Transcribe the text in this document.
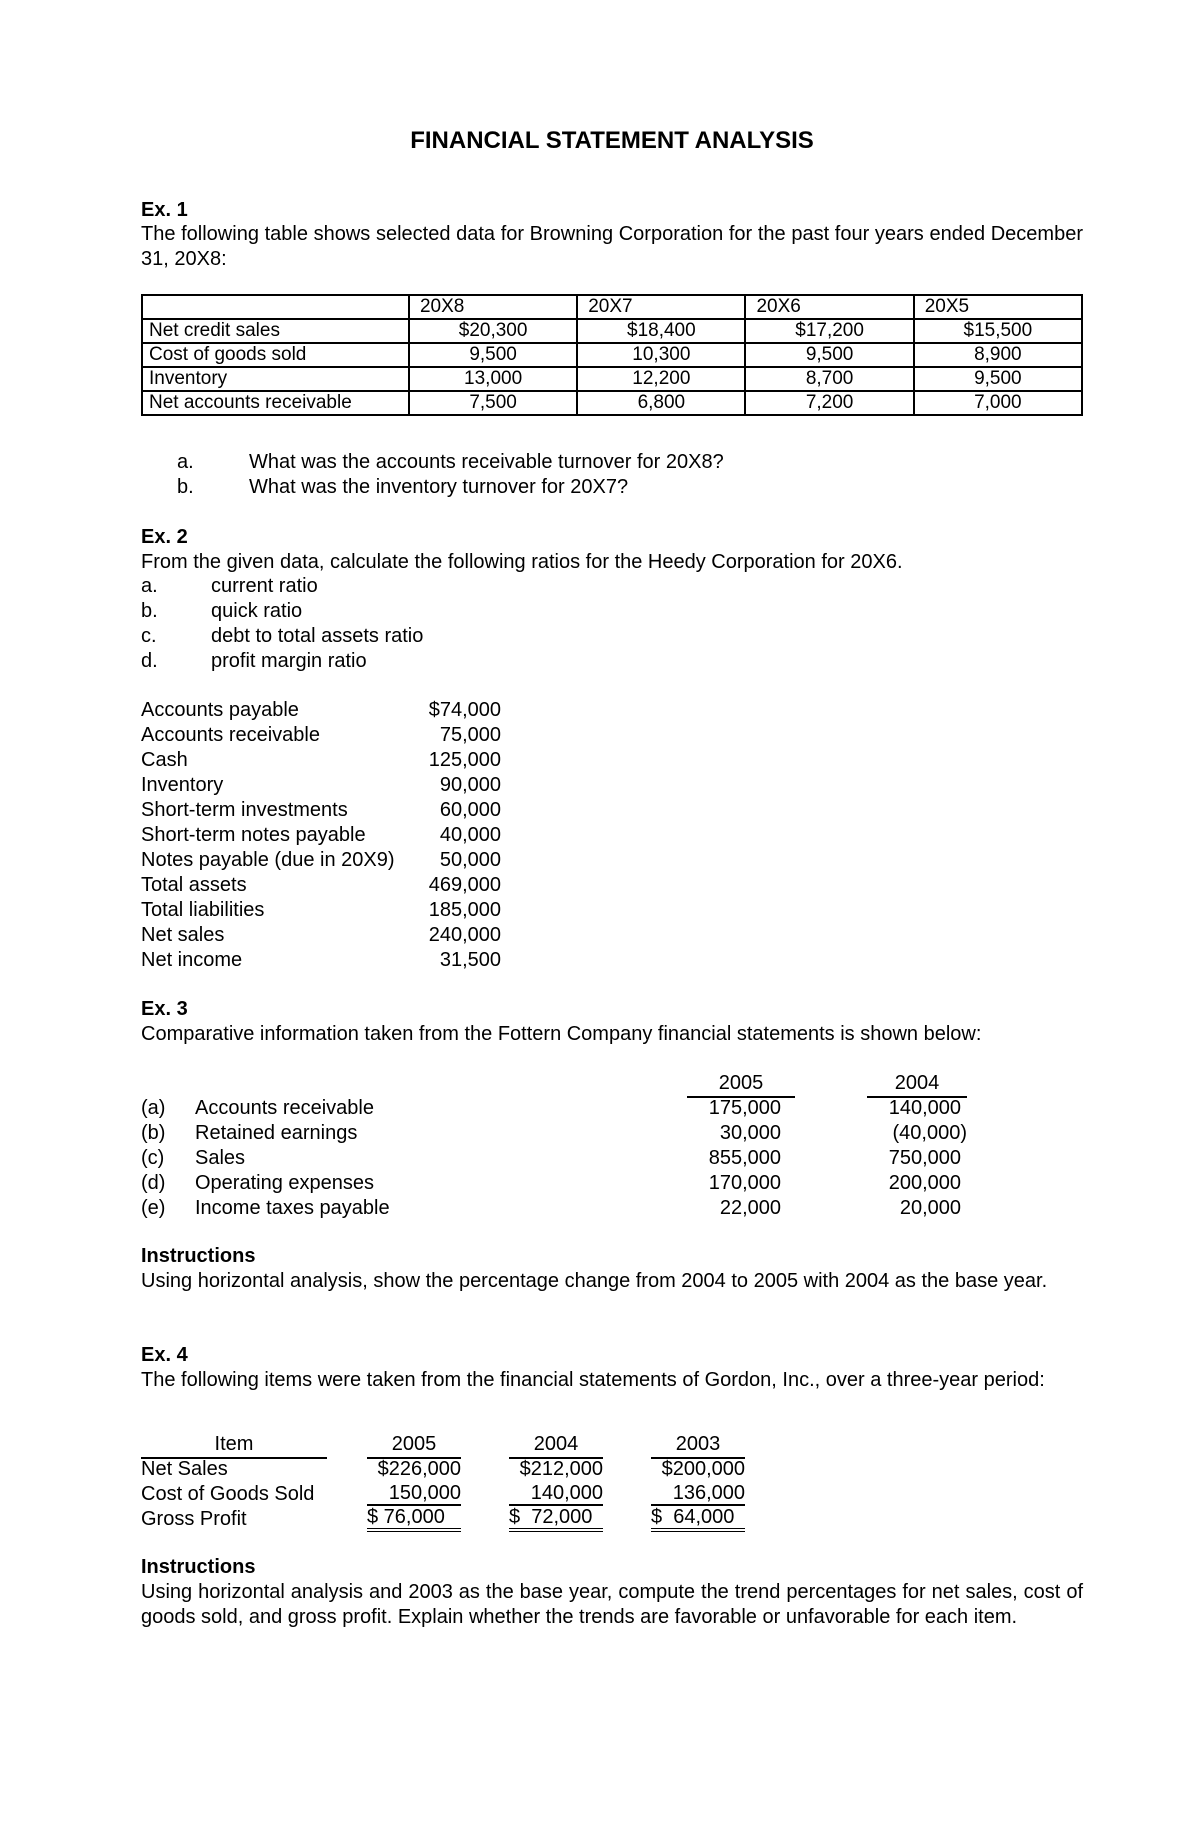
FINANCIAL STATEMENT ANALYSIS
Ex. 1
The following table shows selected data for Browning Corporation for the past four years ended December 31, 20X8:
	20X8	20X7	20X6	20X5
Net credit sales	$20,300	$18,400	$17,200	$15,500
Cost of goods sold	9,500	10,300	9,500	8,900
Inventory	13,000	12,200	8,700	9,500
Net accounts receivable	7,500	6,800	7,200	7,000
a.	What was the accounts receivable turnover for 20X8?
b.	What was the inventory turnover for 20X7?
Ex. 2
From the given data, calculate the following ratios for the Heedy Corporation for 20X6.
a.	current ratio
b.	quick ratio
c.	debt to total assets ratio
d.	profit margin ratio
Accounts payable	$74,000
Accounts receivable	75,000
Cash	125,000
Inventory	90,000
Short-term investments	60,000
Short-term notes payable	40,000
Notes payable (due in 20X9)	50,000
Total assets	469,000
Total liabilities	185,000
Net sales	240,000
Net income	31,500
Ex. 3
Comparative information taken from the Fottern Company financial statements is shown below:
2005	2004
(a) Accounts receivable	175,000	140,000
(b) Retained earnings	30,000	(40,000)
(c) Sales	855,000	750,000
(d) Operating expenses	170,000	200,000
(e) Income taxes payable	22,000	20,000
Instructions
Using horizontal analysis, show the percentage change from 2004 to 2005 with 2004 as the base year.
Ex. 4
The following items were taken from the financial statements of Gordon, Inc., over a three-year period:
Item	2005	2004	2003
Net Sales	$226,000	$212,000	$200,000
Cost of Goods Sold	150,000	140,000	136,000
Gross Profit	$ 76,000	$  72,000	$  64,000
Instructions
Using horizontal analysis and 2003 as the base year, compute the trend percentages for net sales, cost of goods sold, and gross profit. Explain whether the trends are favorable or unfavorable for each item.
